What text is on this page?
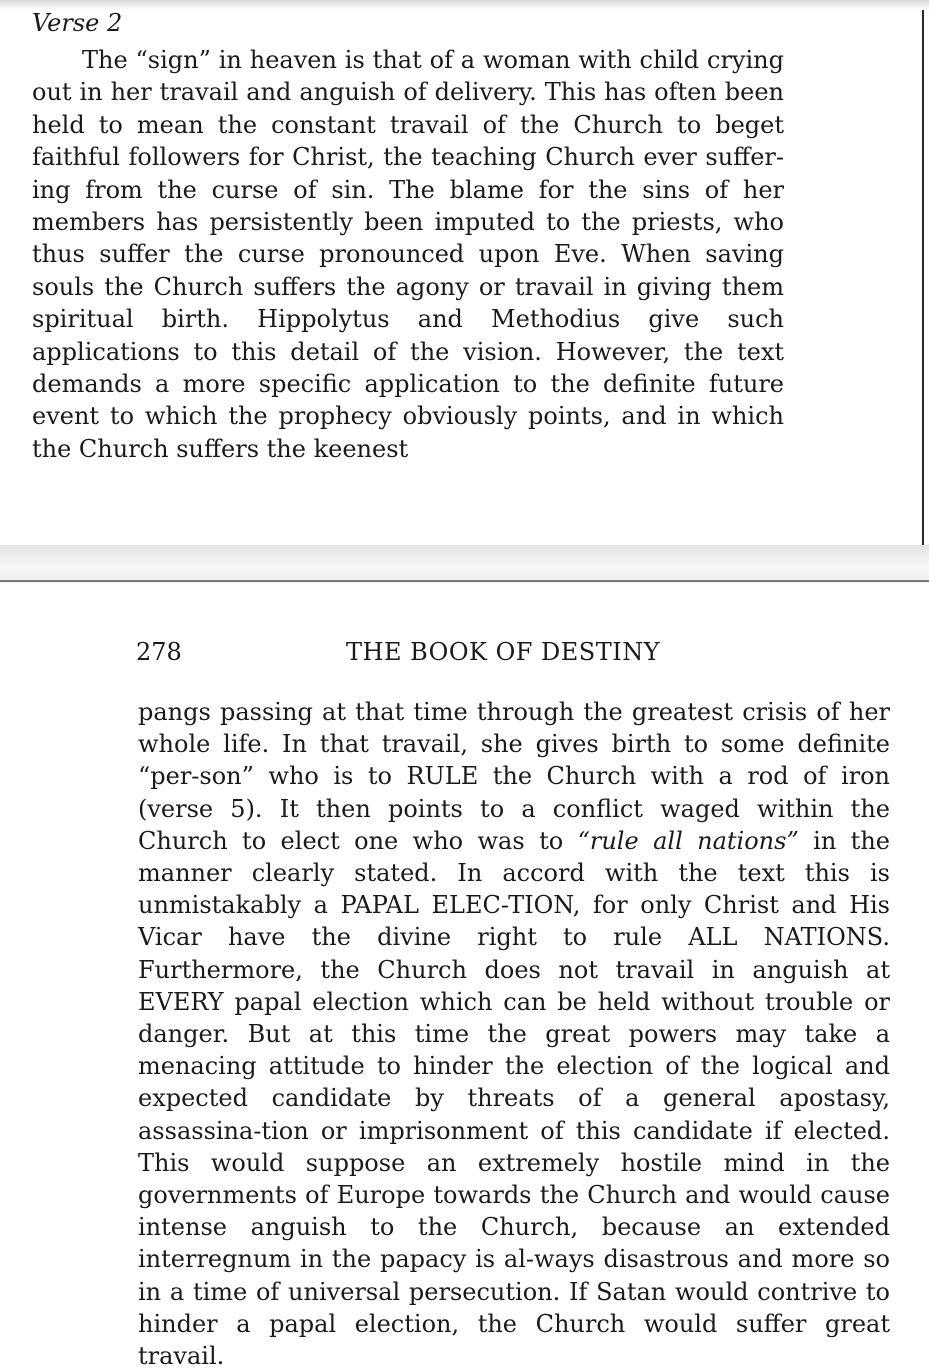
Verse 2

The “sign” in heaven is that of a woman with child crying out in her travail and anguish of delivery. This has often been held to mean the constant travail of the Church to beget faithful followers for Christ, the teaching Church ever suffer-ing from the curse of sin. The blame for the sins of her members has persistently been imputed to the priests, who thus suffer the curse pronounced upon Eve. When saving souls the Church suffers the agony or travail in giving them spiritual birth. Hippolytus and Methodius give such applications to this detail of the vision. However, the text demands a more specific application to the definite future event to which the prophecy obviously points, and in which the Church suffers the keenest

278	THE BOOK OF DESTINY

pangs passing at that time through the greatest crisis of her whole life. In that travail, she gives birth to some definite “per-son” who is to RULE the Church with a rod of iron (verse 5). It then points to a conflict waged within the Church to elect one who was to “rule all nations” in the manner clearly stated. In accord with the text this is unmistakably a PAPAL ELEC-TION, for only Christ and His Vicar have the divine right to rule ALL NATIONS. Furthermore, the Church does not travail in anguish at EVERY papal election which can be held without trouble or danger. But at this time the great powers may take a menacing attitude to hinder the election of the logical and expected candidate by threats of a general apostasy, assassina-tion or imprisonment of this candidate if elected. This would suppose an extremely hostile mind in the governments of Europe towards the Church and would cause intense anguish to the Church, because an extended interregnum in the papacy is al-ways disastrous and more so in a time of universal persecution. If Satan would contrive to hinder a papal election, the Church would suffer great travail.
